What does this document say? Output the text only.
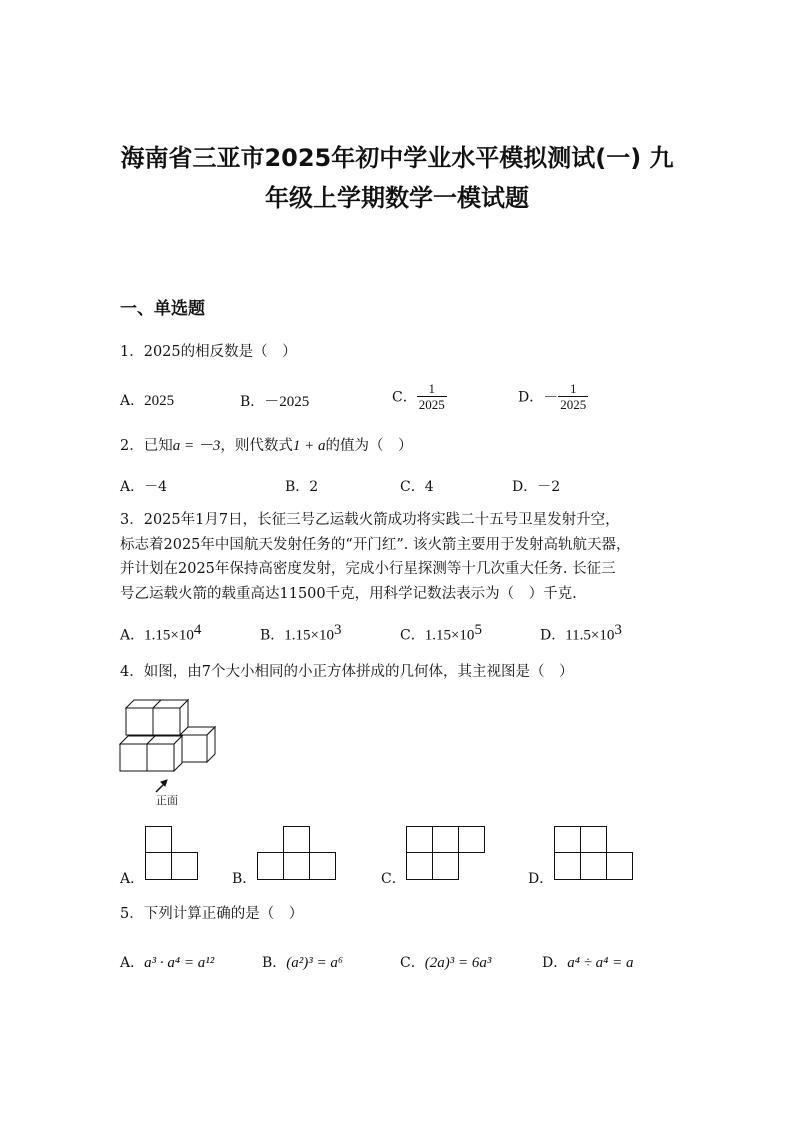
海南省三亚市2025年初中学业水平模拟测试(一) 九
年级上学期数学一模试题
一、单选题
1．2025的相反数是（　）
A．2025	B．－2025	C． $\frac{1}{2025}$	D．－ $\frac{1}{2025}$
2．已知a = －3，则代数式1 + a的值为（　）
A．－4	B．2	C．4	D．－2
3．2025年1月7日，长征三号乙运载火箭成功将实践二十五号卫星发射升空，
标志着2025年中国航天发射任务的“开门红”. 该火箭主要用于发射高轨航天器，
并计划在2025年保持高密度发射，完成小行星探测等十几次重大任务. 长征三
号乙运载火箭的载重高达11500千克，用科学记数法表示为（　）千克.
A．$1.15\times 10^4$	B．$1.15\times 10^3$	C．$1.15\times 10^5$	D．$11.5\times 10^3$
4．如图，由7个大小相同的小正方体拼成的几何体，其主视图是（　）
正面
A．	B．	C．	D．
5．下列计算正确的是（　）
A．a³ · a⁴ = a¹²	B．(a²)³ = a⁶	C．(2a)³ = 6a³	D．a⁴ ÷ a⁴ = a
